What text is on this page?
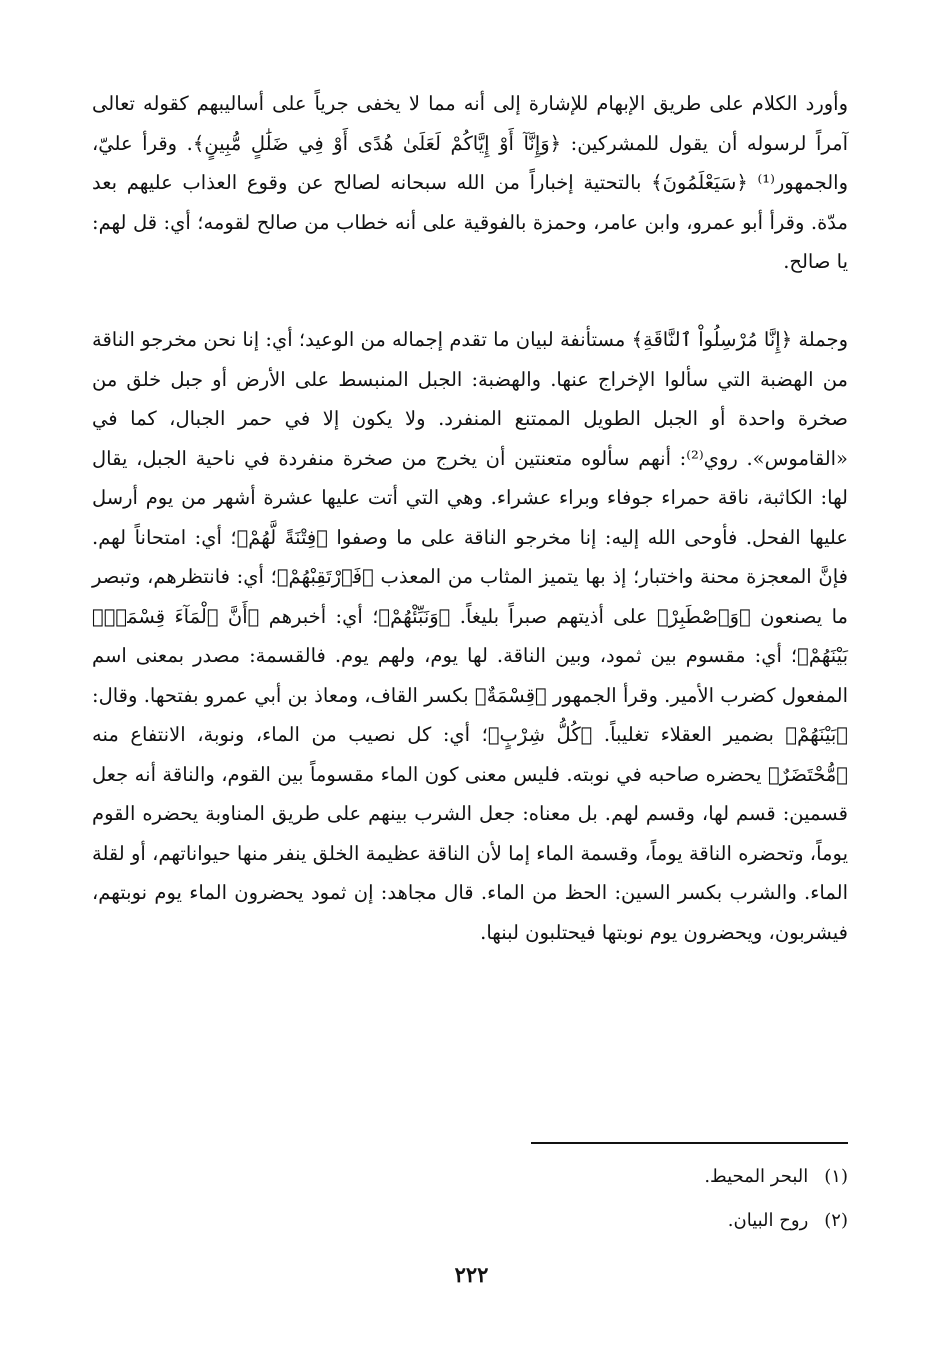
وأورد الكلام على طريق الإبهام للإشارة إلى أنه مما لا يخفى جرياً على أساليبهم كقوله تعالى آمراً لرسوله أن يقول للمشركين: ﴿وَإِنَّآ أَوْ إِيَّاكُمْ لَعَلَىٰ هُدًى أَوْ فِي ضَلَٰلٍ مُّبِينٍ﴾. وقرأ عليّ، والجمهور⁽¹⁾ ﴿سَيَعْلَمُونَ﴾ بالتحتية إخباراً من الله سبحانه لصالح عن وقوع العذاب عليهم بعد مدّة. وقرأ أبو عمرو، وابن عامر، وحمزة بالفوقية على أنه خطاب من صالح لقومه؛ أي: قل لهم: يا صالح.

وجملة ﴿إِنَّا مُرْسِلُواْ ٱلنَّاقَةِ﴾ مستأنفة لبيان ما تقدم إجماله من الوعيد؛ أي: إنا نحن مخرجو الناقة من الهضبة التي سألوا الإخراج عنها. والهضبة: الجبل المنبسط على الأرض أو جبل خلق من صخرة واحدة أو الجبل الطويل الممتنع المنفرد. ولا يكون إلا في حمر الجبال، كما في «القاموس». روي⁽²⁾: أنهم سألوه متعنتين أن يخرج من صخرة منفردة في ناحية الجبل، يقال لها: الكاثبة، ناقة حمراء جوفاء وبراء عشراء. وهي التي أتت عليها عشرة أشهر من يوم أرسل عليها الفحل. فأوحى الله إليه: إنا مخرجو الناقة على ما وصفوا ﴿فِتْنَةً لَّهُمْ﴾؛ أي: امتحاناً لهم. فإنَّ المعجزة محنة واختبار؛ إذ بها يتميز المثاب من المعذب ﴿فَٱرْتَقِبْهُمْ﴾؛ أي: فانتظرهم، وتبصر ما يصنعون ﴿وَٱصْطَبِرْ﴾ على أذيتهم صبراً بليغاً. ﴿وَنَبِّئْهُمْ﴾؛ أي: أخبرهم ﴿أَنَّ ٱلْمَآءَ قِسْمَةٌۢ بَيْنَهُمْ﴾؛ أي: مقسوم بين ثمود، وبين الناقة. لها يوم، ولهم يوم. فالقسمة: مصدر بمعنى اسم المفعول كضرب الأمير. وقرأ الجمهور ﴿قِسْمَةٌ﴾ بكسر القاف، ومعاذ بن أبي عمرو بفتحها. وقال: ﴿بَيْنَهُمْ﴾ بضمير العقلاء تغليباً. ﴿كُلُّ شِرْبٍ﴾؛ أي: كل نصيب من الماء، ونوبة، الانتفاع منه ﴿مُّحْتَضَرٌ﴾ يحضره صاحبه في نوبته. فليس معنى كون الماء مقسوماً بين القوم، والناقة أنه جعل قسمين: قسم لها، وقسم لهم. بل معناه: جعل الشرب بينهم على طريق المناوبة يحضره القوم يوماً، وتحضره الناقة يوماً، وقسمة الماء إما لأن الناقة عظيمة الخلق ينفر منها حيواناتهم، أو لقلة الماء. والشرب بكسر السين: الحظ من الماء. قال مجاهد: إن ثمود يحضرون الماء يوم نوبتهم، فيشربون، ويحضرون يوم نوبتها فيحتلبون لبنها.

(١)البحر المحيط.
(٢)روح البيان.
٢٢٢
